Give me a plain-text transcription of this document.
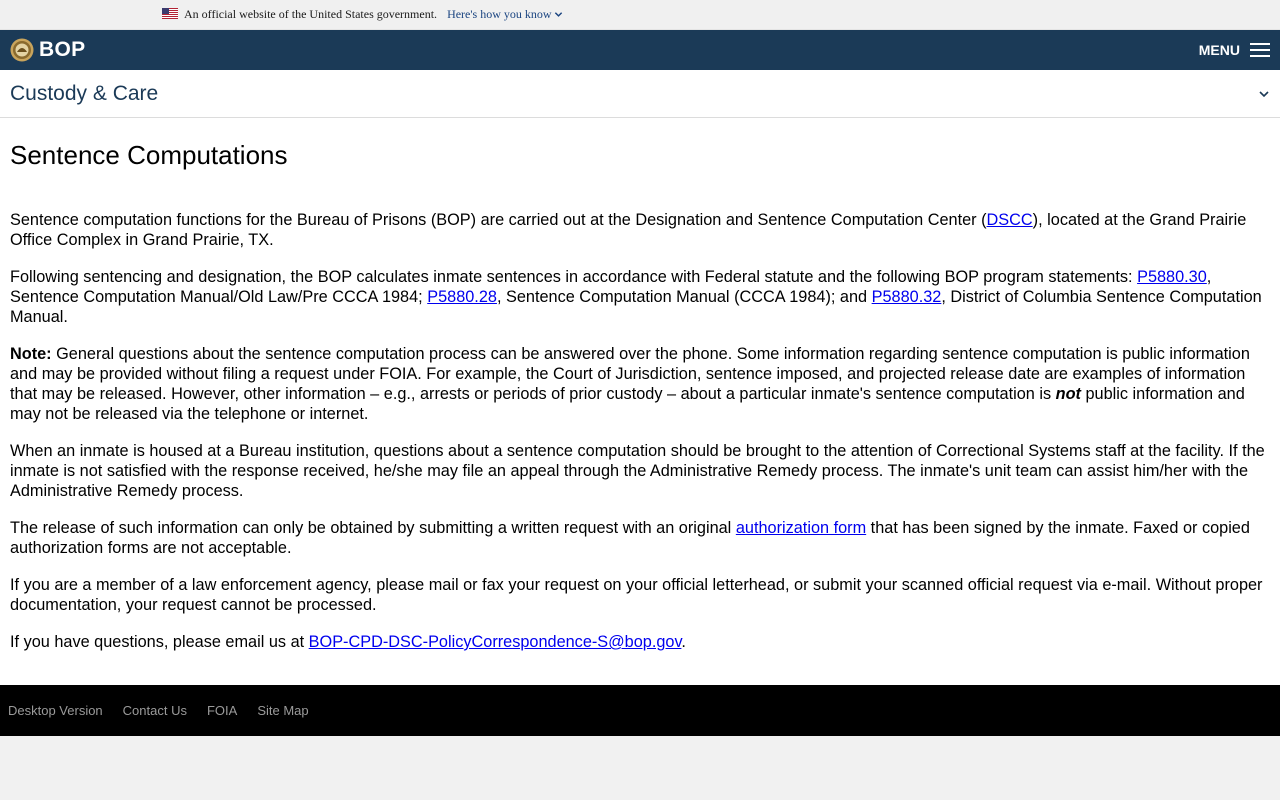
An official website of the United States government. Here's how you know
BOP	MENU
Custody & Care
Sentence Computations

Sentence computation functions for the Bureau of Prisons (BOP) are carried out at the Designation and Sentence Computation Center (DSCC), located at the Grand Prairie Office Complex in Grand Prairie, TX.

Following sentencing and designation, the BOP calculates inmate sentences in accordance with Federal statute and the following BOP program statements: P5880.30, Sentence Computation Manual/Old Law/Pre CCCA 1984; P5880.28, Sentence Computation Manual (CCCA 1984); and P5880.32, District of Columbia Sentence Computation Manual.

Note: General questions about the sentence computation process can be answered over the phone. Some information regarding sentence computation is public information and may be provided without filing a request under FOIA. For example, the Court of Jurisdiction, sentence imposed, and projected release date are examples of information that may be released. However, other information – e.g., arrests or periods of prior custody – about a particular inmate's sentence computation is not public information and may not be released via the telephone or internet.

When an inmate is housed at a Bureau institution, questions about a sentence computation should be brought to the attention of Correctional Systems staff at the facility. If the inmate is not satisfied with the response received, he/she may file an appeal through the Administrative Remedy process. The inmate's unit team can assist him/her with the Administrative Remedy process.

The release of such information can only be obtained by submitting a written request with an original authorization form that has been signed by the inmate. Faxed or copied authorization forms are not acceptable.

If you are a member of a law enforcement agency, please mail or fax your request on your official letterhead, or submit your scanned official request via e-mail. Without proper documentation, your request cannot be processed.

If you have questions, please email us at BOP-CPD-DSC-PolicyCorrespondence-S@bop.gov.

Desktop Version Contact Us FOIA Site Map
